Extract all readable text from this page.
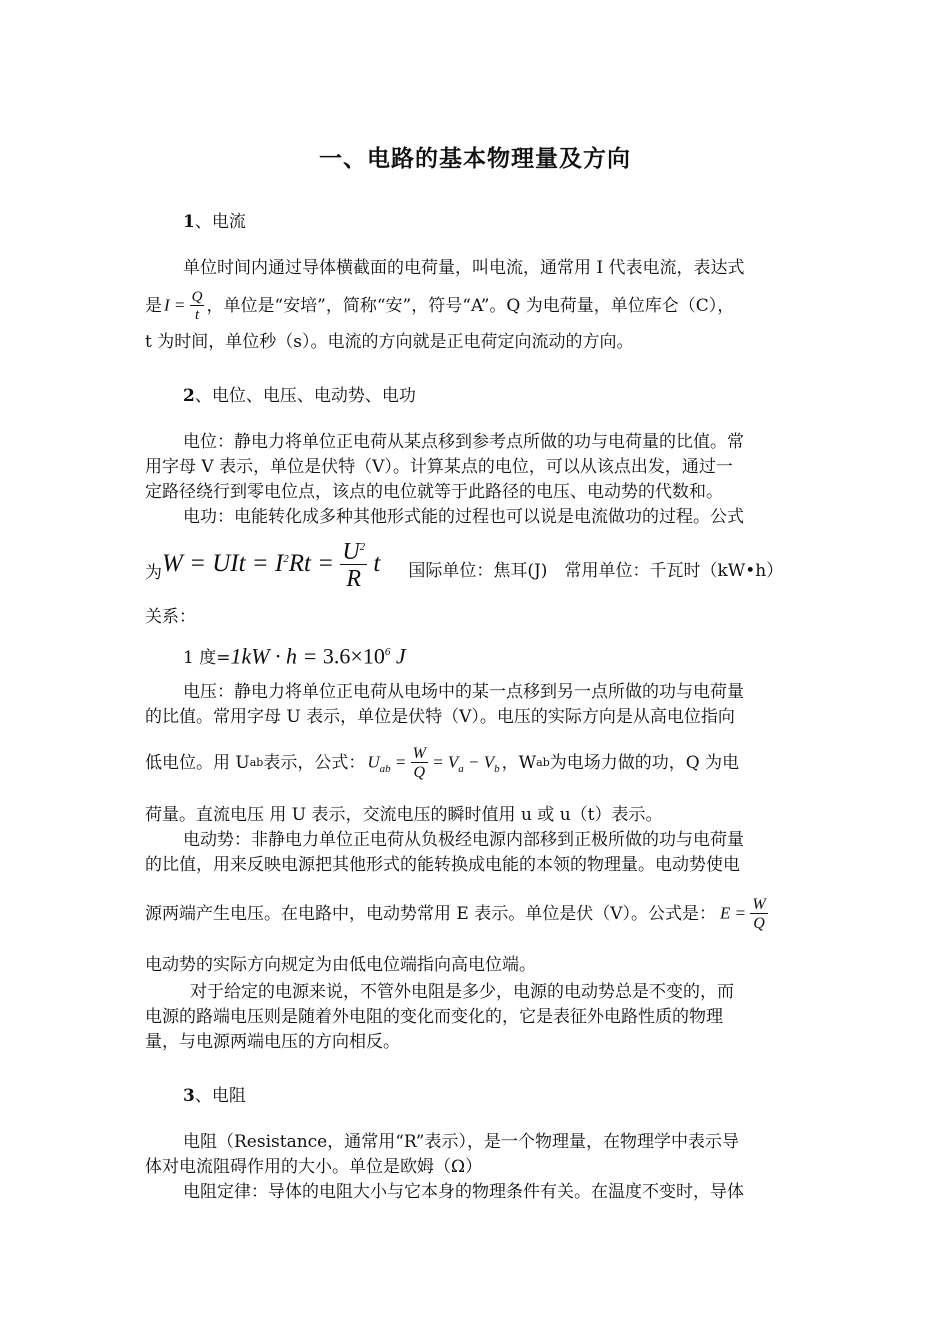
一、电路的基本物理量及方向
1、电流
单位时间内通过导体横截面的电荷量，叫电流，通常用 I 代表电流，表达式
是 $I = \frac{Q}{t}$ ，单位是“安培”，简称“安”，符号“A”。Q 为电荷量，单位库仑（C），
t 为时间，单位秒（s）。电流的方向就是正电荷定向流动的方向。
2、电位、电压、电动势、电功
电位：静电力将单位正电荷从某点移到参考点所做的功与电荷量的比值。常
用字母 V 表示，单位是伏特（V）。计算某点的电位，可以从该点出发，通过一
定路径绕行到零电位点，该点的电位就等于此路径的电压、电动势的代数和。
电功：电能转化成多种其他形式能的过程也可以说是电流做功的过程。公式
为 W = UIt = $I^2Rt = \frac{U^2}{R}$ t 国际单位：焦耳(J)　常用单位：千瓦时（kW•h）
关系：
1 度= $1kW \cdot h = 3.6\times 10^6$ J
电压：静电力将单位正电荷从电场中的某一点移到另一点所做的功与电荷量
的比值。常用字母 U 表示，单位是伏特（V）。电压的实际方向是从高电位指向
低电位。用 U ab 表示，公式： $U_{ab} = \frac{W}{Q} = V_a - V_b$ ，W ab 为电场力做的功，Q 为电
荷量。直流电压 用 U 表示，交流电压的瞬时值用 u 或 u（t）表示。
电动势：非静电力单位正电荷从负极经电源内部移到正极所做的功与电荷量
的比值，用来反映电源把其他形式的能转换成电能的本领的物理量。电动势使电
源两端产生电压。在电路中，电动势常用 E 表示。单位是伏（V）。公式是： $E = \frac{W}{Q}$
电动势的实际方向规定为由低电位端指向高电位端。
对于给定的电源来说，不管外电阻是多少，电源的电动势总是不变的，而
电源的路端电压则是随着外电阻的变化而变化的，它是表征外电路性质的物理
量，与电源两端电压的方向相反。
3、电阻
电阻（Resistance，通常用“R”表示），是一个物理量，在物理学中表示导
体对电流阻碍作用的大小。单位是欧姆（Ω）
电阻定律：导体的电阻大小与它本身的物理条件有关。在温度不变时，导体
